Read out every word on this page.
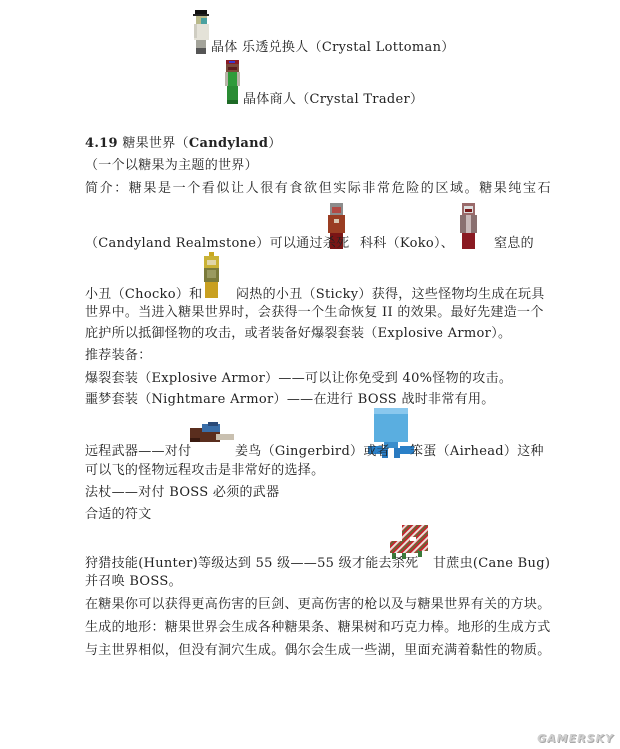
晶体 乐透兑换人（Crystal Lottoman）
晶体商人（Crystal Trader）
4.19 糖果世界（Candyland）
（一个以糖果为主题的世界）
简介：糖果是一个看似让人很有食欲但实际非常危险的区域。糖果纯宝石
（Candyland Realmstone）可以通过杀死 科科（Koko）、	窒息的
小丑（Chocko）和	闷热的小丑（Sticky）获得，这些怪物均生成在玩具
世界中。当进入糖果世界时，会获得一个生命恢复 II 的效果。最好先建造一个
庇护所以抵御怪物的攻击，或者装备好爆裂套装（Explosive Armor）。
推荐装备：
爆裂套装（Explosive Armor）——可以让你免受到 40%怪物的攻击。
噩梦套装（Nightmare Armor）——在进行 BOSS 战时非常有用。
远程武器——对付	姜鸟（Gingerbird）或者 笨蛋（Airhead）这种
可以飞的怪物远程攻击是非常好的选择。
法杖——对付 BOSS 必须的武器
合适的符文
狩猎技能(Hunter)等级达到 55 级——55 级才能去杀死 甘蔗虫(Cane Bug)
并召唤 BOSS。
在糖果你可以获得更高伤害的巨剑、更高伤害的枪以及与糖果世界有关的方块。
生成的地形：糖果世界会生成各种糖果条、糖果树和巧克力棒。地形的生成方式
与主世界相似，但没有洞穴生成。偶尔会生成一些湖，里面充满着黏性的物质。
GAMERSKY
